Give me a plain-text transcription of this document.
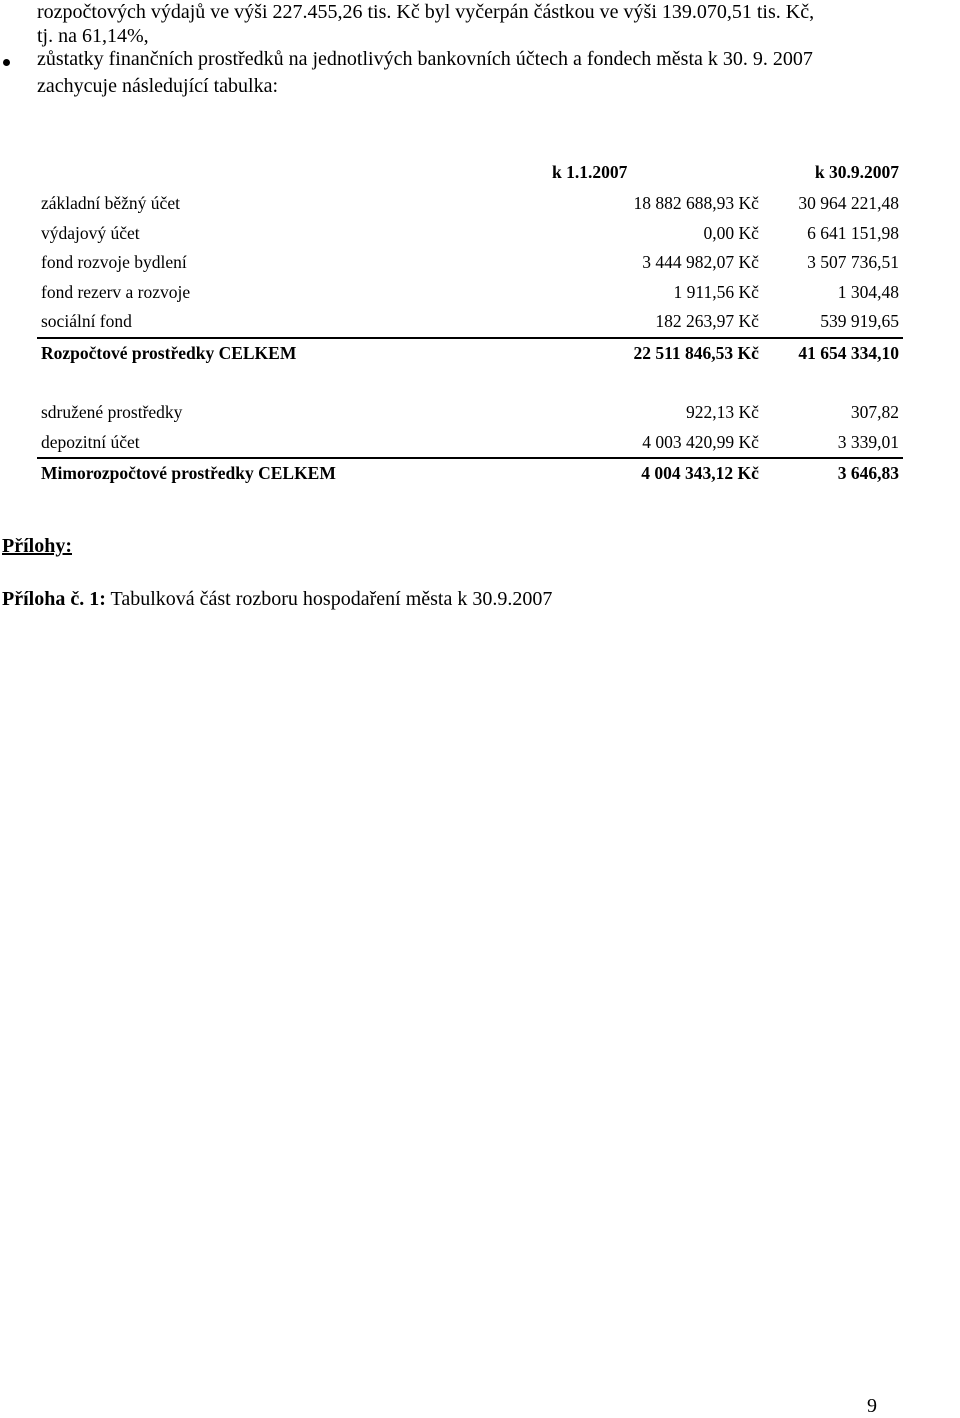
rozpočtových výdajů ve výši 227.455,26 tis. Kč byl vyčerpán částkou ve výši 139.070,51 tis. Kč,
tj. na 61,14%,
zůstatky finančních prostředků na jednotlivých bankovních účtech a fondech města k 30. 9. 2007
zachycuje následující tabulka:
	k 1.1.2007	k 30.9.2007
základní běžný účet	18 882 688,93 Kč	30 964 221,48
výdajový účet	0,00 Kč	6 641 151,98
fond rozvoje bydlení	3 444 982,07 Kč	3 507 736,51
fond rezerv a rozvoje	1 911,56 Kč	1 304,48
sociální fond	182 263,97 Kč	539 919,65
Rozpočtové prostředky CELKEM	22 511 846,53 Kč	41 654 334,10

sdružené prostředky	922,13 Kč	307,82
depozitní účet	4 003 420,99 Kč	3 339,01
Mimorozpočtové prostředky CELKEM	4 004 343,12 Kč	3 646,83
Přílohy:
Příloha č. 1: Tabulková část rozboru hospodaření města k 30.9.2007
9
